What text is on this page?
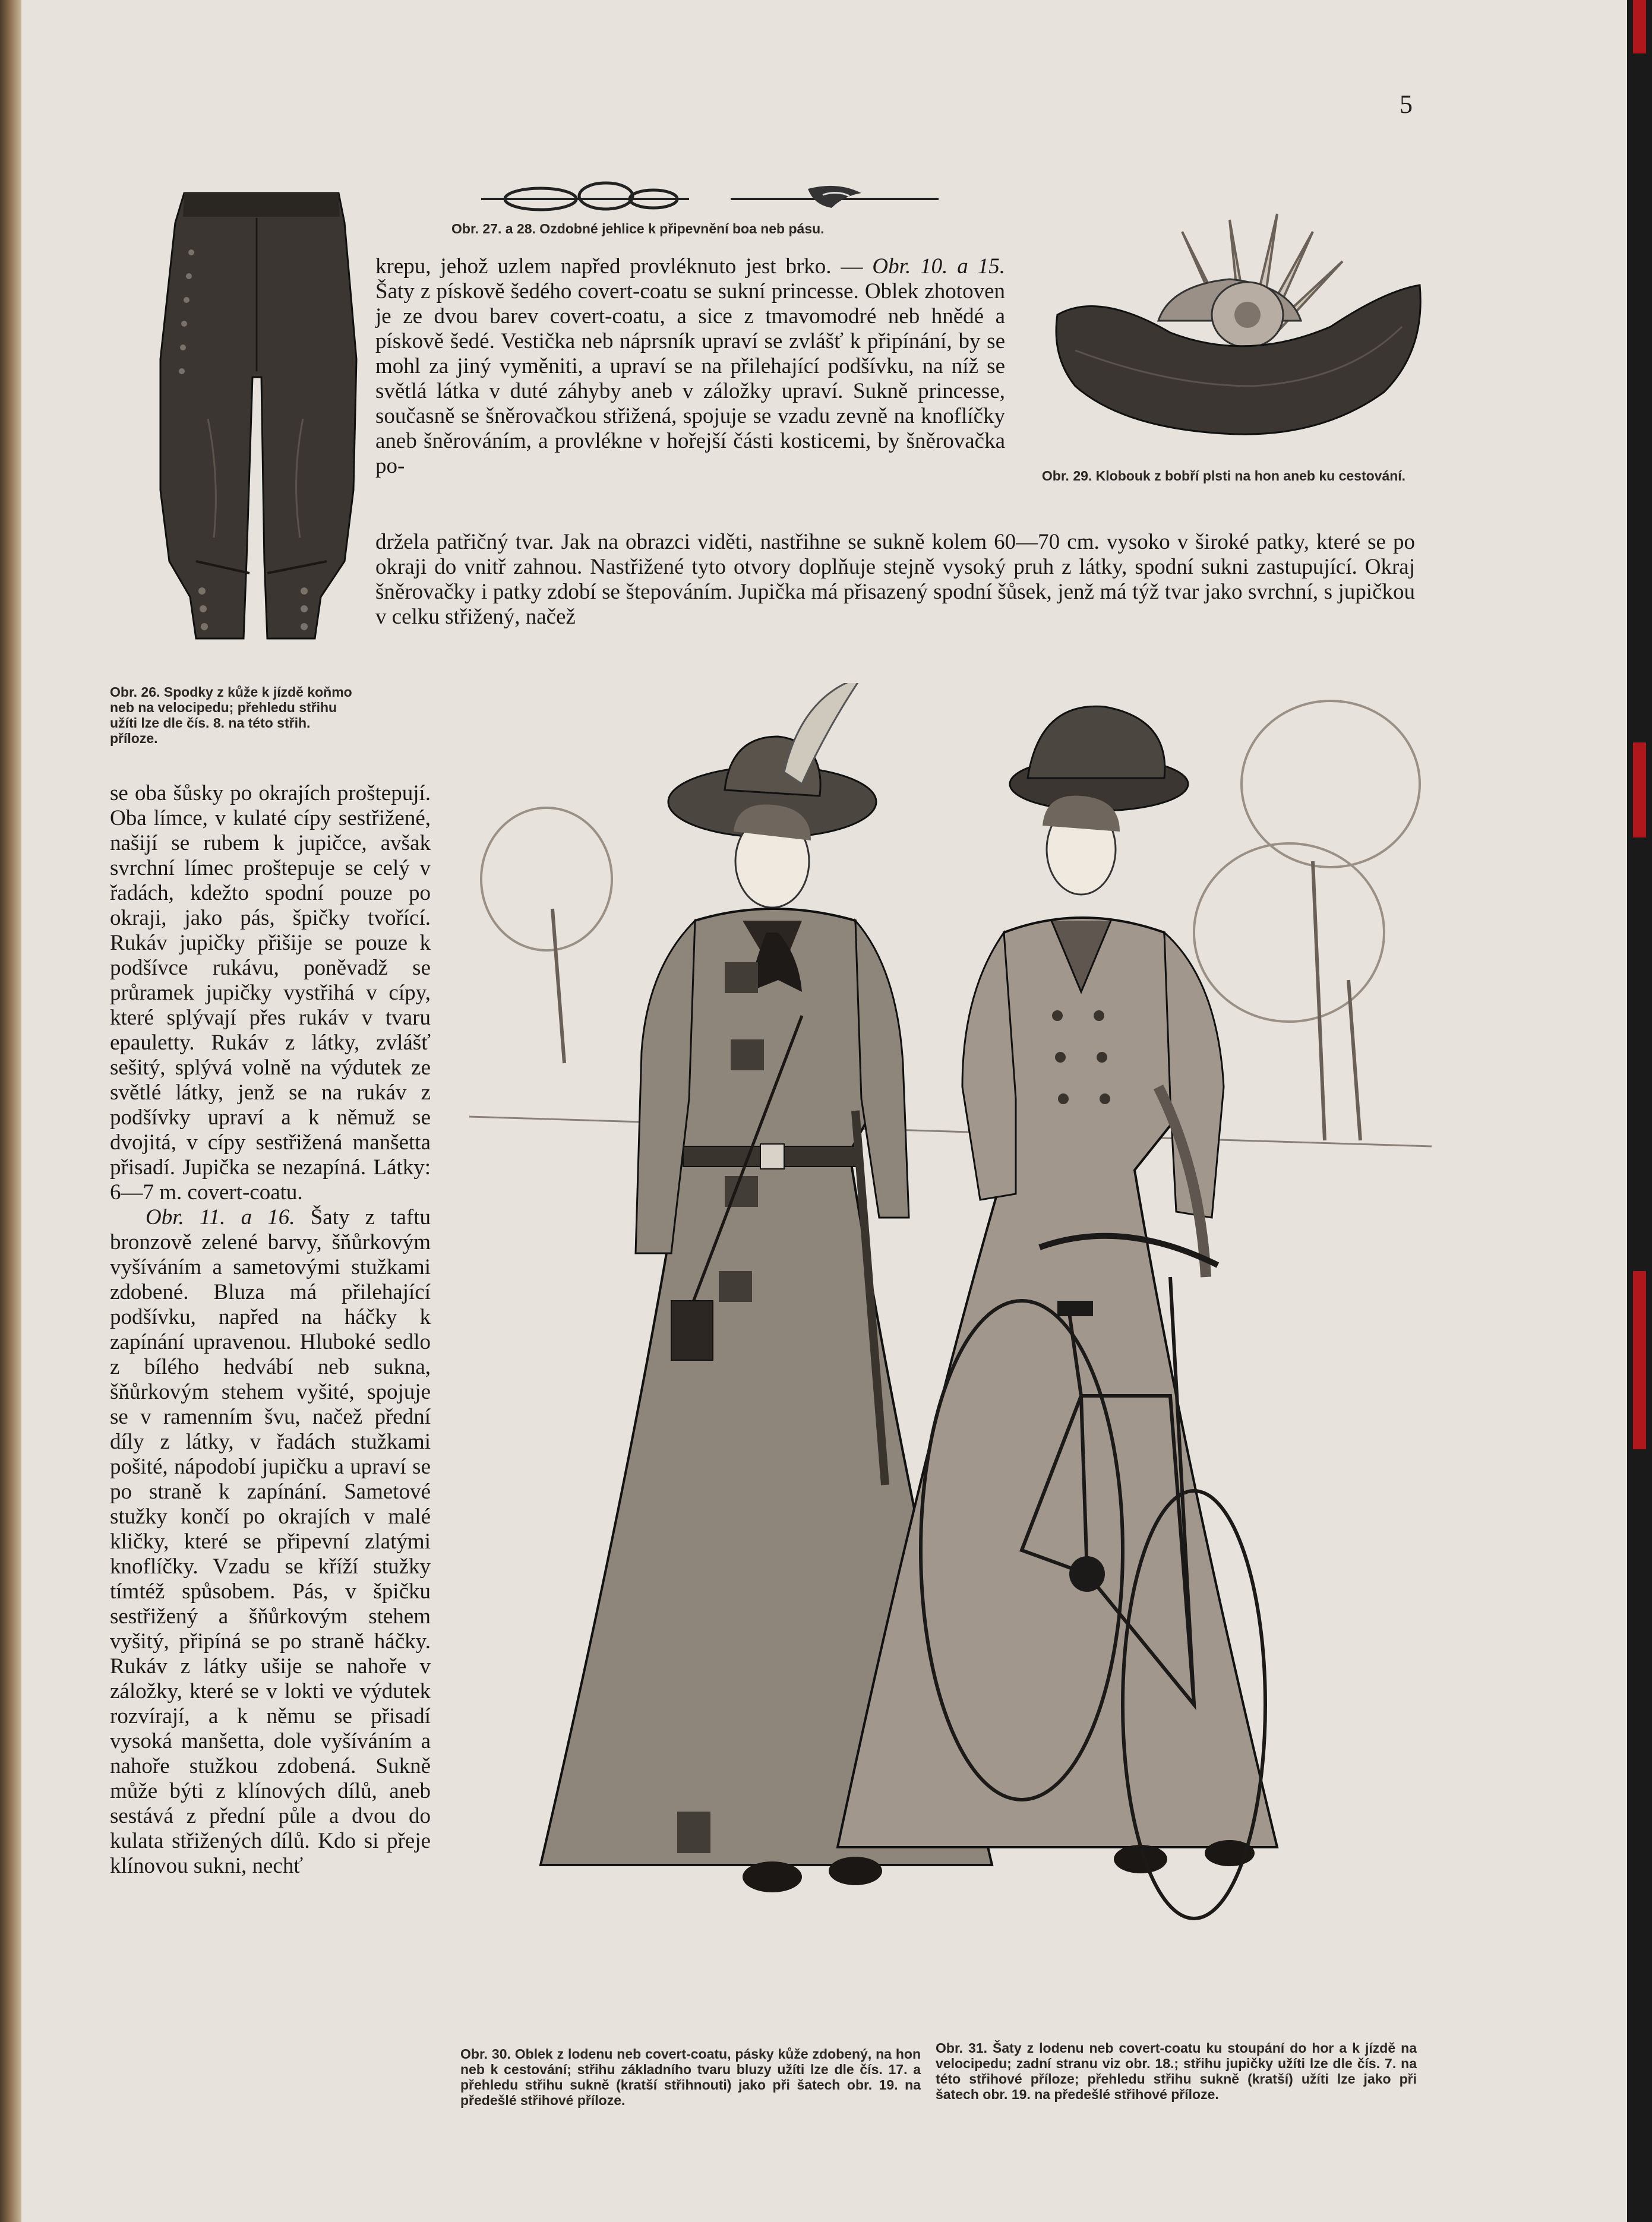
5
Obr. 27. a 28. Ozdobné jehlice k připevnění boa neb pásu.
Obr. 29. Klobouk z bobří plsti na hon aneb ku cestování.
krepu, jehož uzlem napřed provléknuto jest brko. — Obr. 10. a 15. Šaty z pískově šedého covert-coatu se sukní princesse. Oblek zhotoven je ze dvou barev covert-coatu, a sice z tmavomodré neb hnědé a pískově šedé. Vestička neb náprsník upraví se zvlášť k připínání, by se mohl za jiný vyměniti, a upraví se na přilehající podšívku, na níž se světlá látka v duté záhyby aneb v záložky upraví. Sukně princesse, současně se šněrovačkou střižená, spojuje se vzadu zevně na knoflíčky aneb šněrováním, a provlékne v hořejší části kosticemi, by šněrovačka po-
držela patřičný tvar. Jak na obrazci viděti, nastřihne se sukně kolem 60—70 cm. vysoko v široké patky, které se po okraji do vnitř zahnou. Nastřižené tyto otvory doplňuje stejně vysoký pruh z látky, spodní sukni zastupující. Okraj šněrovačky i patky zdobí se štepováním. Jupička má přisazený spodní šůsek, jenž má týž tvar jako svrchní, s jupičkou v celku střižený, načež
Obr. 26. Spodky z kůže k jízdě koňmo neb na velocipedu; přehledu střihu užíti lze dle čís. 8. na této střih. příloze.
se oba šůsky po okrajích proštepují. Oba límce, v kulaté cípy sestřižené, našijí se rubem k jupičce, avšak svrchní límec proštepuje se celý v řadách, kdežto spodní pouze po okraji, jako pás, špičky tvořící. Rukáv jupičky přišije se pouze k podšívce rukávu, poněvadž se průramek jupičky vystřihá v cípy, které splývají přes rukáv v tvaru epauletty. Rukáv z látky, zvlášť sešitý, splývá volně na výdutek ze světlé látky, jenž se na rukáv z podšívky upraví a k němuž se dvojitá, v cípy sestřižená manšetta přisadí. Jupička se nezapíná. Látky: 6—7 m. covert-coatu.
Obr. 11. a 16. Šaty z taftu bronzově zelené barvy, šňůrkovým vyšíváním a sametovými stužkami zdobené. Bluza má přilehající podšívku, napřed na háčky k zapínání upravenou. Hluboké sedlo z bílého hedvábí neb sukna, šňůrkovým stehem vyšité, spojuje se v ramenním švu, načež přední díly z látky, v řadách stužkami pošité, nápodobí jupičku a upraví se po straně k zapínání. Sametové stužky končí po okrajích v malé kličky, které se připevní zlatými knoflíčky. Vzadu se kříží stužky tímtéž spůsobem. Pás, v špičku sestřižený a šňůrkovým stehem vyšitý, připíná se po straně háčky. Rukáv z látky ušije se nahoře v záložky, které se v lokti ve výdutek rozvírají, a k němu se přisadí vysoká manšetta, dole vyšíváním a nahoře stužkou zdobená. Sukně může býti z klínových dílů, aneb sestává z přední půle a dvou do kulata střižených dílů. Kdo si přeje klínovou sukni, nechť
Obr. 30. Oblek z lodenu neb covert-coatu, pásky kůže zdobený, na hon neb k cestování; střihu základního tvaru bluzy užíti lze dle čís. 17. a přehledu střihu sukně (kratší střihnouti) jako při šatech obr. 19. na předešlé střihové příloze.
Obr. 31. Šaty z lodenu neb covert-coatu ku stoupání do hor a k jízdě na velocipedu; zadní stranu viz obr. 18.; střihu jupičky užíti lze dle čís. 7. na této střihové příloze; přehledu střihu sukně (kratší) užíti lze jako při šatech obr. 19. na předešlé střihové příloze.
